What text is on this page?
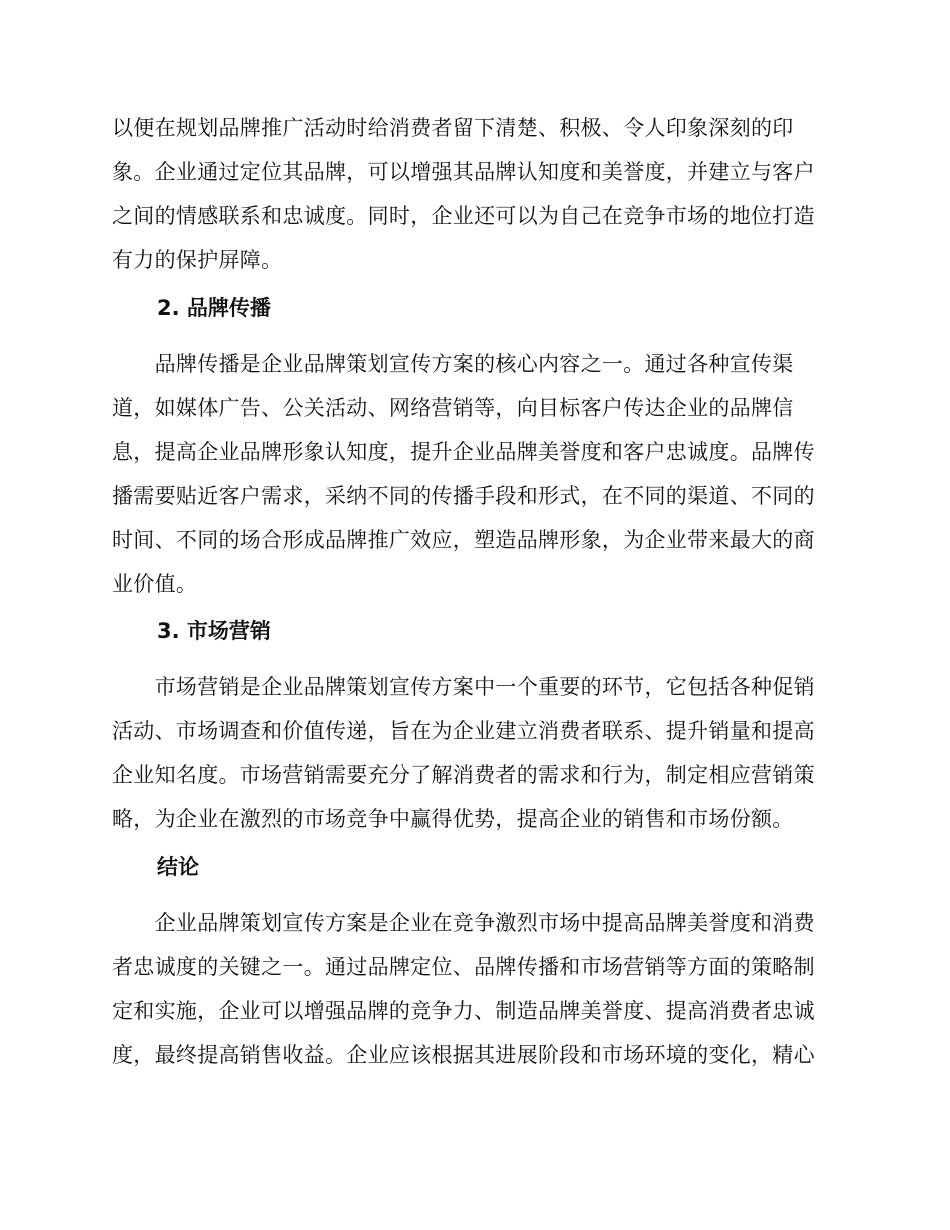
以便在规划品牌推广活动时给消费者留下清楚、积极、令人印象深刻的印
象。企业通过定位其品牌，可以增强其品牌认知度和美誉度，并建立与客户
之间的情感联系和忠诚度。同时，企业还可以为自己在竞争市场的地位打造
有力的保护屏障。
2. 品牌传播
　　品牌传播是企业品牌策划宣传方案的核心内容之一。通过各种宣传渠
道，如媒体广告、公关活动、网络营销等，向目标客户传达企业的品牌信
息，提高企业品牌形象认知度，提升企业品牌美誉度和客户忠诚度。品牌传
播需要贴近客户需求，采纳不同的传播手段和形式，在不同的渠道、不同的
时间、不同的场合形成品牌推广效应，塑造品牌形象，为企业带来最大的商
业价值。
3. 市场营销
　　市场营销是企业品牌策划宣传方案中一个重要的环节，它包括各种促销
活动、市场调查和价值传递，旨在为企业建立消费者联系、提升销量和提高
企业知名度。市场营销需要充分了解消费者的需求和行为，制定相应营销策
略，为企业在激烈的市场竞争中赢得优势，提高企业的销售和市场份额。
结论
　　企业品牌策划宣传方案是企业在竞争激烈市场中提高品牌美誉度和消费
者忠诚度的关键之一。通过品牌定位、品牌传播和市场营销等方面的策略制
定和实施，企业可以增强品牌的竞争力、制造品牌美誉度、提高消费者忠诚
度，最终提高销售收益。企业应该根据其进展阶段和市场环境的变化，精心
